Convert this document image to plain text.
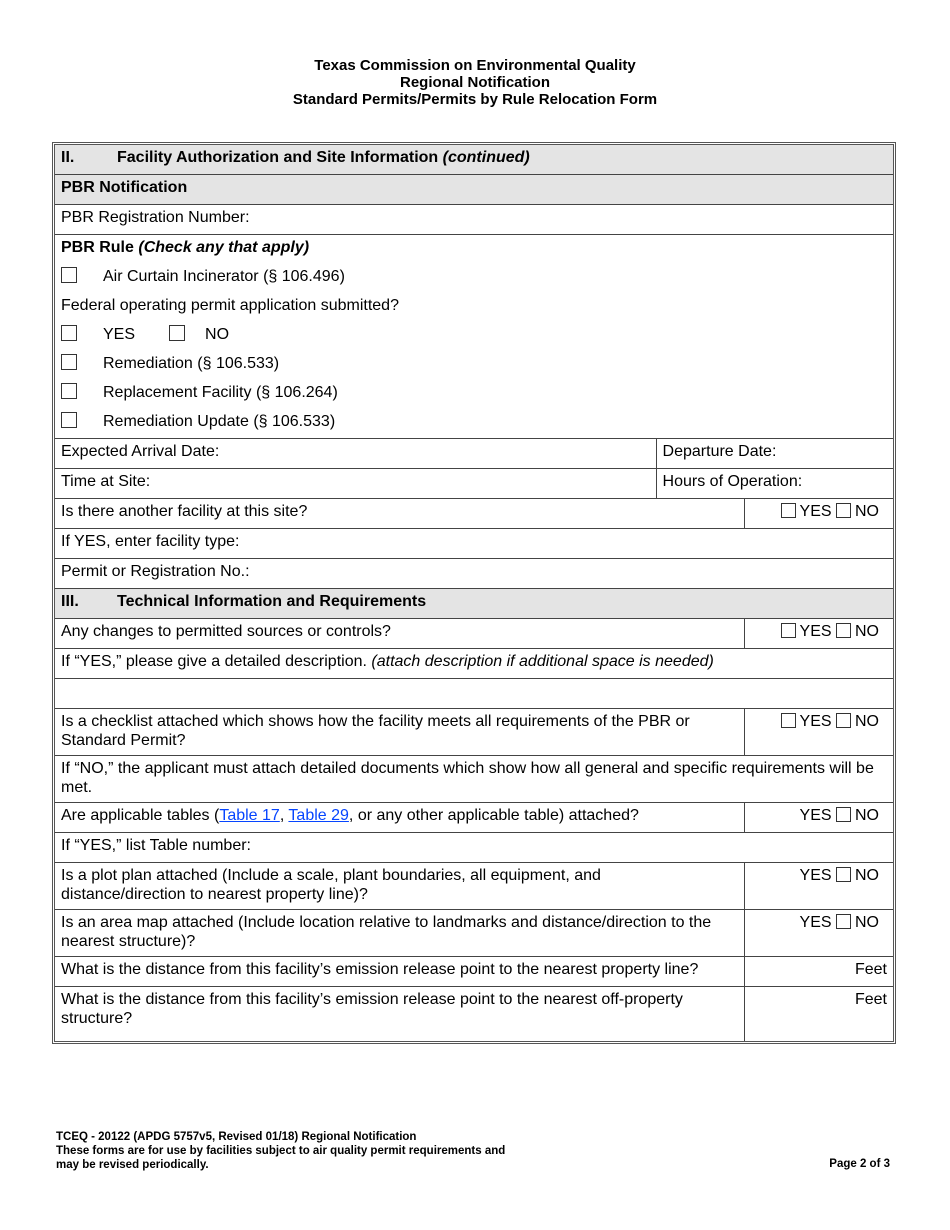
Texas Commission on Environmental Quality
Regional Notification
Standard Permits/Permits by Rule Relocation Form
II. Facility Authorization and Site Information (continued)		
PBR Notification		
PBR Registration Number:		
PBR Rule (Check any that apply)		
Air Curtain Incinerator (§ 106.496)		
Federal operating permit application submitted?		
YES NO		
Remediation (§ 106.533)		
Replacement Facility (§ 106.264)		
Remediation Update (§ 106.533)		
Expected Arrival Date:	Departure Date:	
Time at Site:	Hours of Operation:	
Is there another facility at this site?		YES NO
If YES, enter facility type:		
Permit or Registration No.:		
III. Technical Information and Requirements		
Any changes to permitted sources or controls?		YES NO
If “YES,” please give a detailed description. (attach description if additional space is needed)		

Is a checklist attached which shows how the facility meets all requirements of the PBR or Standard Permit?		YES NO
If “NO,” the applicant must attach detailed documents which show how all general and specific requirements will be met.		
Are applicable tables (Table 17, Table 29, or any other applicable table) attached?		YES NO
If “YES,” list Table number:		
Is a plot plan attached (Include a scale, plant boundaries, all equipment, and distance/direction to nearest property line)?		YES NO
Is an area map attached (Include location relative to landmarks and distance/direction to the nearest structure)?		YES NO
What is the distance from this facility’s emission release point to the nearest property line?		Feet
What is the distance from this facility’s emission release point to the nearest off-property structure?		Feet
TCEQ - 20122 (APDG 5757v5, Revised 01/18) Regional Notification
These forms are for use by facilities subject to air quality permit requirements and
may be revised periodically.	Page 2 of 3
